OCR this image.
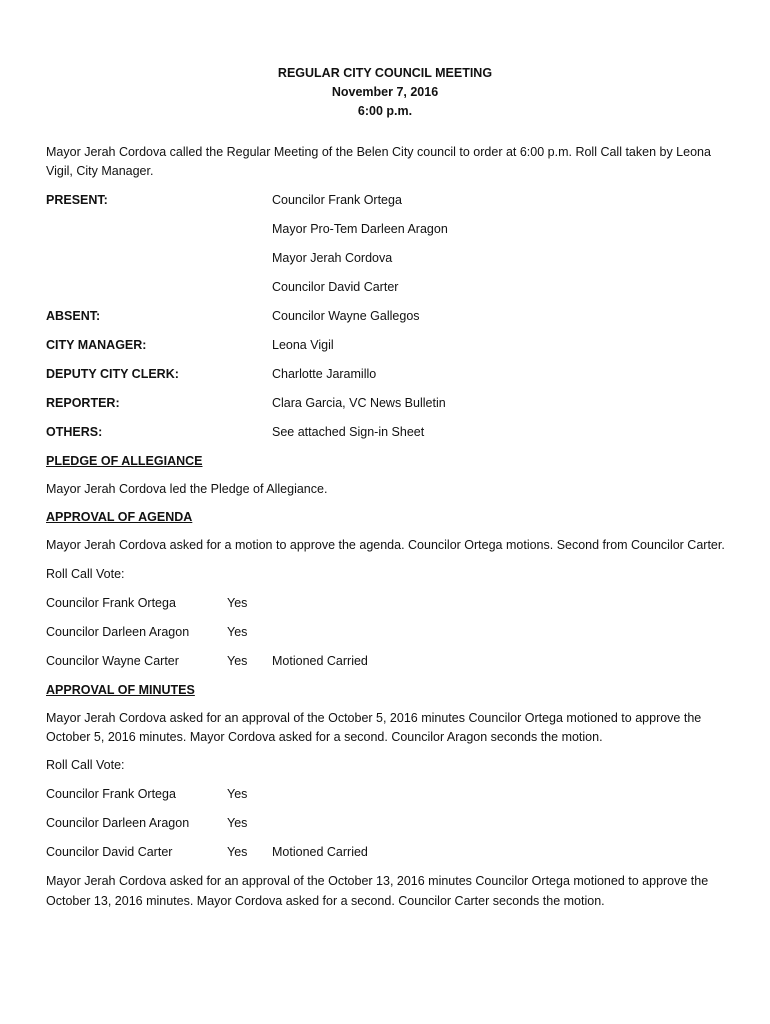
REGULAR CITY COUNCIL MEETING
November 7, 2016
6:00 p.m.

Mayor Jerah Cordova called the Regular Meeting of the Belen City council to order at 6:00 p.m. Roll Call taken by Leona Vigil, City Manager.

PRESENT:	Councilor Frank Ortega
Mayor Pro-Tem Darleen Aragon
Mayor Jerah Cordova
Councilor David Carter
ABSENT:	Councilor Wayne Gallegos
CITY MANAGER:	Leona Vigil
DEPUTY CITY CLERK:	Charlotte Jaramillo
REPORTER:	Clara Garcia, VC News Bulletin
OTHERS:	See attached Sign-in Sheet
PLEDGE OF ALLEGIANCE

Mayor Jerah Cordova led the Pledge of Allegiance.

APPROVAL OF AGENDA

Mayor Jerah Cordova asked for a motion to approve the agenda. Councilor Ortega motions. Second from Councilor Carter.

Roll Call Vote:
Councilor Frank Ortega	Yes
Councilor Darleen Aragon	Yes
Councilor Wayne Carter	Yes	Motioned Carried
APPROVAL OF MINUTES

Mayor Jerah Cordova asked for an approval of the October 5, 2016 minutes Councilor Ortega motioned to approve the October 5, 2016 minutes. Mayor Cordova asked for a second. Councilor Aragon seconds the motion.

Roll Call Vote:
Councilor Frank Ortega	Yes
Councilor Darleen Aragon	Yes
Councilor David Carter	Yes	Motioned Carried

Mayor Jerah Cordova asked for an approval of the October 13, 2016 minutes Councilor Ortega motioned to approve the October 13, 2016 minutes. Mayor Cordova asked for a second. Councilor Carter seconds the motion.
